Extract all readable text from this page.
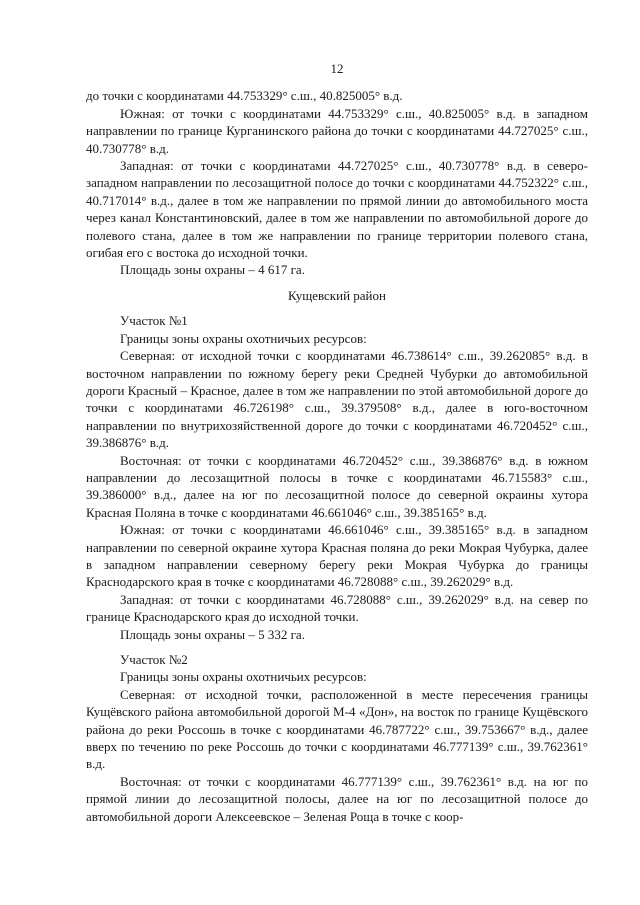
12

до точки с координатами 44.753329° с.ш., 40.825005° в.д.

Южная: от точки с координатами 44.753329° с.ш., 40.825005° в.д. в западном направлении по границе Курганинского района до точки с координатами 44.727025° с.ш., 40.730778° в.д.

Западная: от точки с координатами 44.727025° с.ш., 40.730778° в.д. в северо-западном направлении по лесозащитной полосе до точки с координатами 44.752322° с.ш., 40.717014° в.д., далее в том же направлении по прямой линии до автомобильного моста через канал Константиновский, далее в том же направлении по автомобильной дороге до полевого стана, далее в том же направлении по границе территории полевого стана, огибая его с востока до исходной точки.

Площадь зоны охраны – 4 617 га.

Кущевский район

Участок №1

Границы зоны охраны охотничьих ресурсов:

Северная: от исходной точки с координатами 46.738614° с.ш., 39.262085° в.д. в восточном направлении по южному берегу реки Средней Чубурки до автомобильной дороги Красный – Красное, далее в том же направлении по этой автомобильной дороге до точки с координатами 46.726198° с.ш., 39.379508° в.д., далее в юго-восточном направлении по внутрихозяйственной дороге до точки с координатами 46.720452° с.ш., 39.386876° в.д.

Восточная: от точки с координатами 46.720452° с.ш., 39.386876° в.д. в южном направлении до лесозащитной полосы в точке с координатами 46.715583° с.ш., 39.386000° в.д., далее на юг по лесозащитной полосе до северной окраины хутора Красная Поляна в точке с координатами 46.661046° с.ш., 39.385165° в.д.

Южная: от точки с координатами 46.661046° с.ш., 39.385165° в.д. в западном направлении по северной окраине хутора Красная поляна до реки Мокрая Чубурка, далее в западном направлении северному берегу реки Мокрая Чубурка до границы Краснодарского края в точке с координатами 46.728088° с.ш., 39.262029° в.д.

Западная: от точки с координатами 46.728088° с.ш., 39.262029° в.д. на север по границе Краснодарского края до исходной точки.

Площадь зоны охраны – 5 332 га.

Участок №2

Границы зоны охраны охотничьих ресурсов:

Северная: от исходной точки, расположенной в месте пересечения границы Кущёвского района автомобильной дорогой М-4 «Дон», на восток по границе Кущёвского района до реки Россошь в точке с координатами 46.787722° с.ш., 39.753667° в.д., далее вверх по течению по реке Россошь до точки с координатами 46.777139° с.ш., 39.762361° в.д.

Восточная: от точки с координатами 46.777139° с.ш., 39.762361° в.д. на юг по прямой линии до лесозащитной полосы, далее на юг по лесозащитной полосе до автомобильной дороги Алексеевское – Зеленая Роща в точке с коор-
